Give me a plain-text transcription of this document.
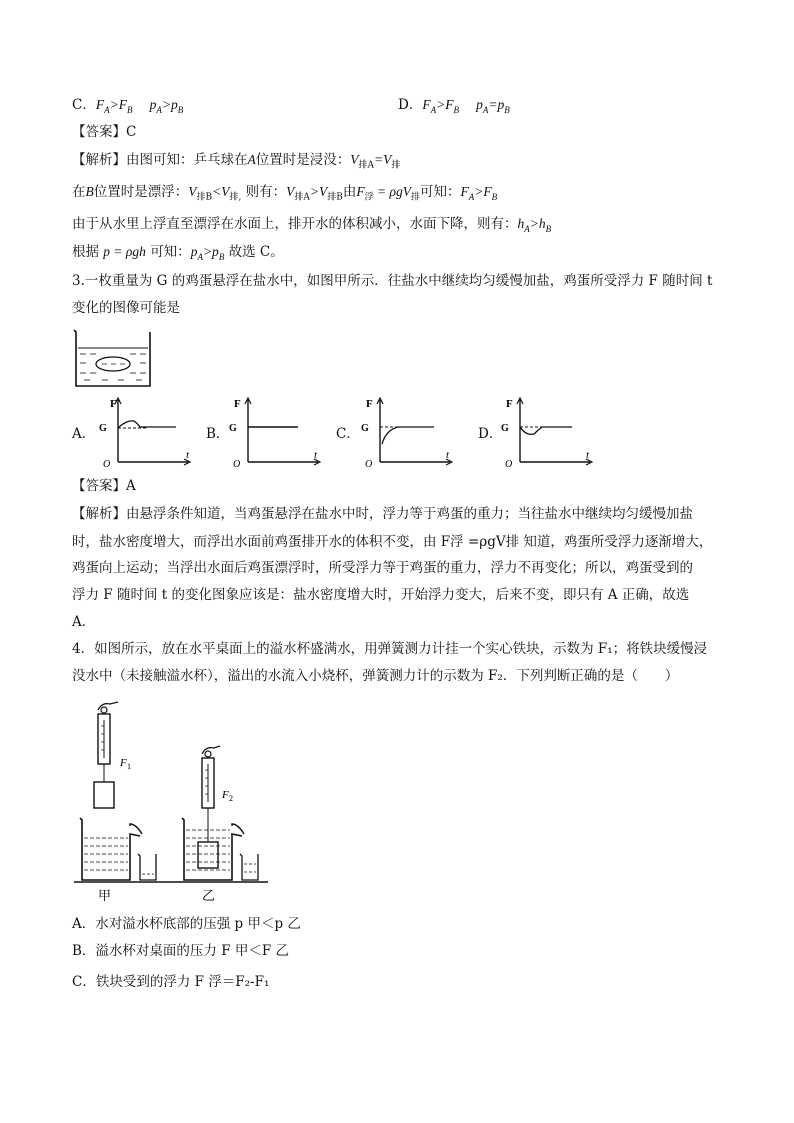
C．$F_A>F_B$ $p_A>p_B$	D．$F_A>F_B$ $p_A=p_B$
【答案】C
【解析】由图可知：乒乓球在A位置时是浸没：$V_{排A}=V_排$
在B位置时是漂浮：$V_{排B}<V_{排,}$ 则有：$V_{排A}>V_{排B}$由$F_浮 = \rho gV_排$可知：$F_A>F_B$
由于从水里上浮直至漂浮在水面上，排开水的体积减小，水面下降，则有：$h_A>h_B$
根据 p = ρgh 可知：$p_A>p_B$ 故选 C。
3.一枚重量为 G 的鸡蛋悬浮在盐水中，如图甲所示．往盐水中继续均匀缓慢加盐，鸡蛋所受浮力 F 随时间 t
变化的图像可能是
A．
F
G
O
t
B．
F
G
O
t
C．
F
G
O
t
D．
F
G
O
t
【答案】A
【解析】由悬浮条件知道，当鸡蛋悬浮在盐水中时，浮力等于鸡蛋的重力；当往盐水中继续均匀缓慢加盐
时，盐水密度增大，而浮出水面前鸡蛋排开水的体积不变，由 F浮 =ρgV排 知道，鸡蛋所受浮力逐渐增大，
鸡蛋向上运动；当浮出水面后鸡蛋漂浮时，所受浮力等于鸡蛋的重力，浮力不再变化；所以，鸡蛋受到的
浮力 F 随时间 t 的变化图象应该是：盐水密度增大时，开始浮力变大，后来不变，即只有 A 正确，故选
A．
4．如图所示，放在水平桌面上的溢水杯盛满水，用弹簧测力计挂一个实心铁块，示数为 F₁；将铁块缓慢浸
没水中（未接触溢水杯），溢出的水流入小烧杯，弹簧测力计的示数为 F₂．下列判断正确的是（　　）
F 1
甲
F 2
乙
A．水对溢水杯底部的压强 p 甲＜p 乙
B．溢水杯对桌面的压力 F 甲＜F 乙
C．铁块受到的浮力 F 浮＝F₂-F₁
